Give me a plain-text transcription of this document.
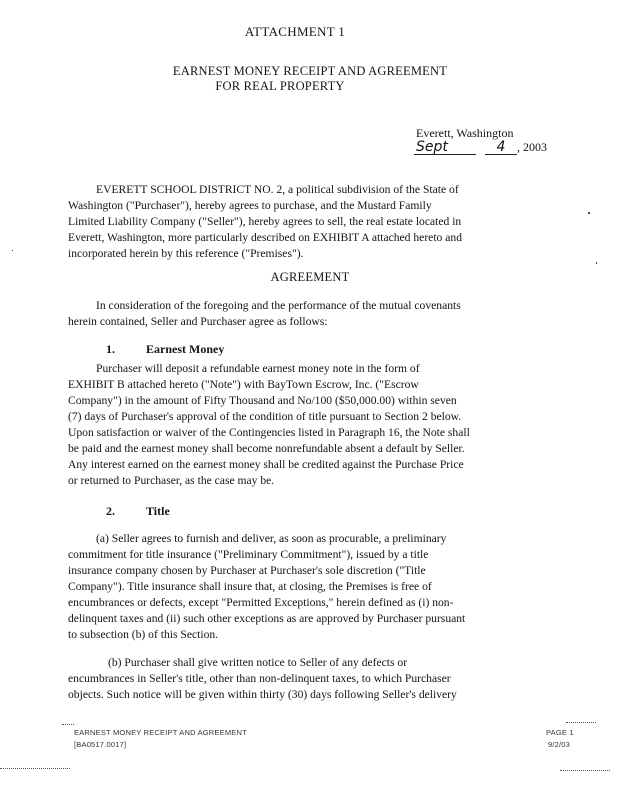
ATTACHMENT 1
EARNEST MONEY RECEIPT AND AGREEMENT
FOR REAL PROPERTY
Everett, Washington
Sept	4 , 2003
EVERETT SCHOOL DISTRICT NO. 2, a political subdivision of the State of
Washington ("Purchaser"), hereby agrees to purchase, and the Mustard Family
Limited Liability Company ("Seller"), hereby agrees to sell, the real estate located in
Everett, Washington, more particularly described on EXHIBIT A attached hereto and
incorporated herein by this reference ("Premises").
AGREEMENT
In consideration of the foregoing and the performance of the mutual covenants
herein contained, Seller and Purchaser agree as follows:
1.	Earnest Money
Purchaser will deposit a refundable earnest money note in the form of
EXHIBIT B attached hereto ("Note") with BayTown Escrow, Inc. ("Escrow
Company") in the amount of Fifty Thousand and No/100 ($50,000.00) within seven
(7) days of Purchaser's approval of the condition of title pursuant to Section 2 below.
Upon satisfaction or waiver of the Contingencies listed in Paragraph 16, the Note shall
be paid and the earnest money shall become nonrefundable absent a default by Seller.
Any interest earned on the earnest money shall be credited against the Purchase Price
or returned to Purchaser, as the case may be.
2.	Title
(a) Seller agrees to furnish and deliver, as soon as procurable, a preliminary
commitment for title insurance ("Preliminary Commitment"), issued by a title
insurance company chosen by Purchaser at Purchaser's sole discretion ("Title
Company"). Title insurance shall insure that, at closing, the Premises is free of
encumbrances or defects, except "Permitted Exceptions," herein defined as (i) non-
delinquent taxes and (ii) such other exceptions as are approved by Purchaser pursuant
to subsection (b) of this Section.
(b) Purchaser shall give written notice to Seller of any defects or
encumbrances in Seller's title, other than non-delinquent taxes, to which Purchaser
objects. Such notice will be given within thirty (30) days following Seller's delivery
EARNEST MONEY RECEIPT AND AGREEMENT
[BA0517.0017]
PAGE 1
9/2/03
